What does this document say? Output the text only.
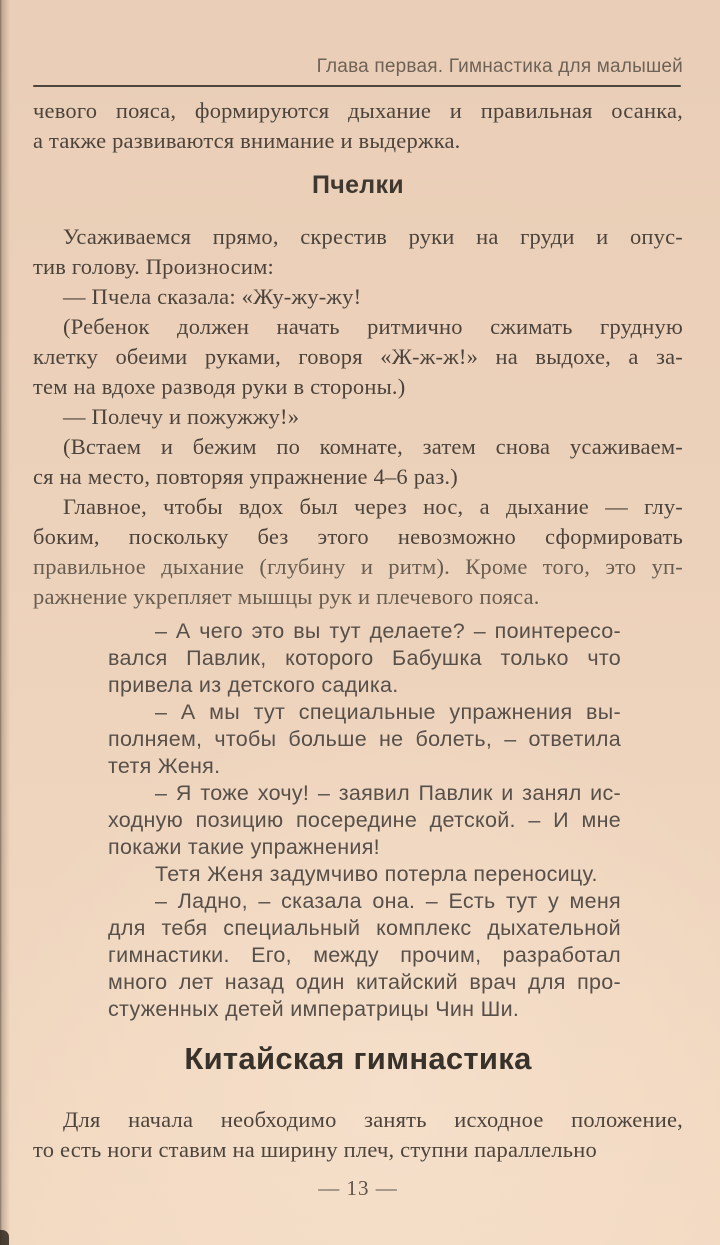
Глава первая. Гимнастика для малышей
чевого пояса, формируются дыхание и правильная осанка,
а также развиваются внимание и выдержка.
Пчелки
Усаживаемся прямо, скрестив руки на груди и опус-
тив голову. Произносим:
— Пчела сказала: «Жу-жу-жу!
(Ребенок должен начать ритмично сжимать грудную
клетку обеими руками, говоря «Ж-ж-ж!» на выдохе, а за-
тем на вдохе разводя руки в стороны.)
— Полечу и пожужжу!»
(Встаем и бежим по комнате, затем снова усаживаем-
ся на место, повторяя упражнение 4–6 раз.)
Главное, чтобы вдох был через нос, а дыхание — глу-
боким, поскольку без этого невозможно сформировать
правильное дыхание (глубину и ритм). Кроме того, это уп-
ражнение укрепляет мышцы рук и плечевого пояса.
– А чего это вы тут делаете? – поинтересо-
вался Павлик, которого Бабушка только что
привела из детского садика.
– А мы тут специальные упражнения вы-
полняем, чтобы больше не болеть, – ответила
тетя Женя.
– Я тоже хочу! – заявил Павлик и занял ис-
ходную позицию посередине детской. – И мне
покажи такие упражнения!
Тетя Женя задумчиво потерла переносицу.
– Ладно, – сказала она. – Есть тут у меня
для тебя специальный комплекс дыхательной
гимнастики. Его, между прочим, разработал
много лет назад один китайский врач для про-
стуженных детей императрицы Чин Ши.
Китайская гимнастика
Для начала необходимо занять исходное положение,
то есть ноги ставим на ширину плеч, ступни параллельно
— 13 —
